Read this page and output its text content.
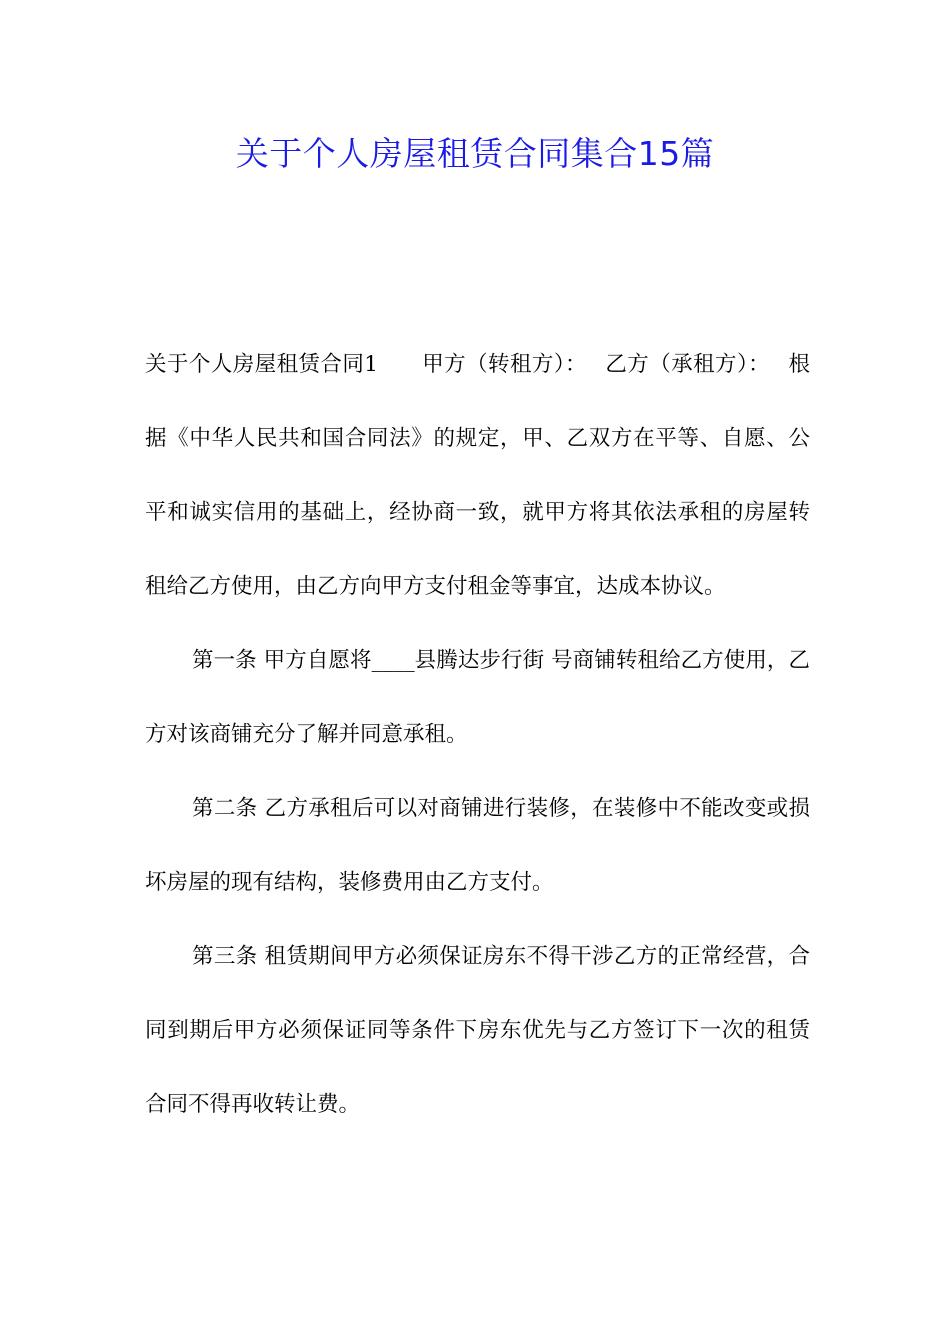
关于个人房屋租赁合同集合15篇

关于个人房屋租赁合同1　　甲方（转租方）：　 乙方（承租方）：　 根据《中华人民共和国合同法》的规定，甲、乙双方在平等、自愿、公平和诚实信用的基础上，经协商一致，就甲方将其依法承租的房屋转租给乙方使用，由乙方向甲方支付租金等事宜，达成本协议。

第一条 甲方自愿将____县腾达步行街 号商铺转租给乙方使用，乙方对该商铺充分了解并同意承租。

第二条 乙方承租后可以对商铺进行装修，在装修中不能改变或损坏房屋的现有结构，装修费用由乙方支付。

第三条 租赁期间甲方必须保证房东不得干涉乙方的正常经营，合同到期后甲方必须保证同等条件下房东优先与乙方签订下一次的租赁合同不得再收转让费。
